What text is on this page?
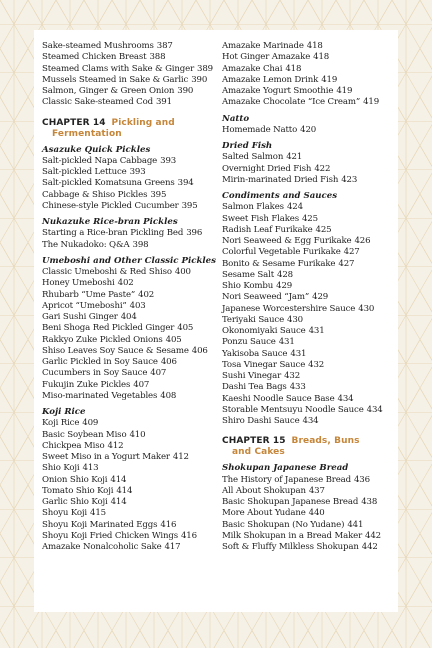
Sake-steamed Mushrooms 387
Steamed Chicken Breast 388
Steamed Clams with Sake & Ginger 389
Mussels Steamed in Sake & Garlic 390
Salmon, Ginger & Green Onion 390
Classic Sake-steamed Cod 391
CHAPTER 14 Pickling and
Fermentation
Asazuke Quick Pickles
Salt-pickled Napa Cabbage 393
Salt-pickled Lettuce 393
Salt-pickled Komatsuna Greens 394
Cabbage & Shiso Pickles 395
Chinese-style Pickled Cucumber 395
Nukazuke Rice-bran Pickles
Starting a Rice-bran Pickling Bed 396
The Nukadoko: Q&A 398
Umeboshi and Other Classic Pickles
Classic Umeboshi & Red Shiso 400
Honey Umeboshi 402
Rhubarb “Ume Paste” 402
Apricot “Umeboshi” 403
Gari Sushi Ginger 404
Beni Shoga Red Pickled Ginger 405
Rakkyo Zuke Pickled Onions 405
Shiso Leaves Soy Sauce & Sesame 406
Garlic Pickled in Soy Sauce 406
Cucumbers in Soy Sauce 407
Fukujin Zuke Pickles 407
Miso-marinated Vegetables 408
Koji Rice
Koji Rice 409
Basic Soybean Miso 410
Chickpea Miso 412
Sweet Miso in a Yogurt Maker 412
Shio Koji 413
Onion Shio Koji 414
Tomato Shio Koji 414
Garlic Shio Koji 414
Shoyu Koji 415
Shoyu Koji Marinated Eggs 416
Shoyu Koji Fried Chicken Wings 416
Amazake Nonalcoholic Sake 417
Amazake Marinade 418
Hot Ginger Amazake 418
Amazake Chai 418
Amazake Lemon Drink 419
Amazake Yogurt Smoothie 419
Amazake Chocolate “Ice Cream” 419
Natto
Homemade Natto 420
Dried Fish
Salted Salmon 421
Overnight Dried Fish 422
Mirin-marinated Dried Fish 423
Condiments and Sauces
Salmon Flakes 424
Sweet Fish Flakes 425
Radish Leaf Furikake 425
Nori Seaweed & Egg Furikake 426
Colorful Vegetable Furikake 427
Bonito & Sesame Furikake 427
Sesame Salt 428
Shio Kombu 429
Nori Seaweed “Jam” 429
Japanese Worcestershire Sauce 430
Teriyaki Sauce 430
Okonomiyaki Sauce 431
Ponzu Sauce 431
Yakisoba Sauce 431
Tosa Vinegar Sauce 432
Sushi Vinegar 432
Dashi Tea Bags 433
Kaeshi Noodle Sauce Base 434
Storable Mentsuyu Noodle Sauce 434
Shiro Dashi Sauce 434
CHAPTER 15 Breads, Buns
and Cakes
Shokupan Japanese Bread
The History of Japanese Bread 436
All About Shokupan 437
Basic Shokupan Japanese Bread 438
More About Yudane 440
Basic Shokupan (No Yudane) 441
Milk Shokupan in a Bread Maker 442
Soft & Fluffy Milkless Shokupan 442
